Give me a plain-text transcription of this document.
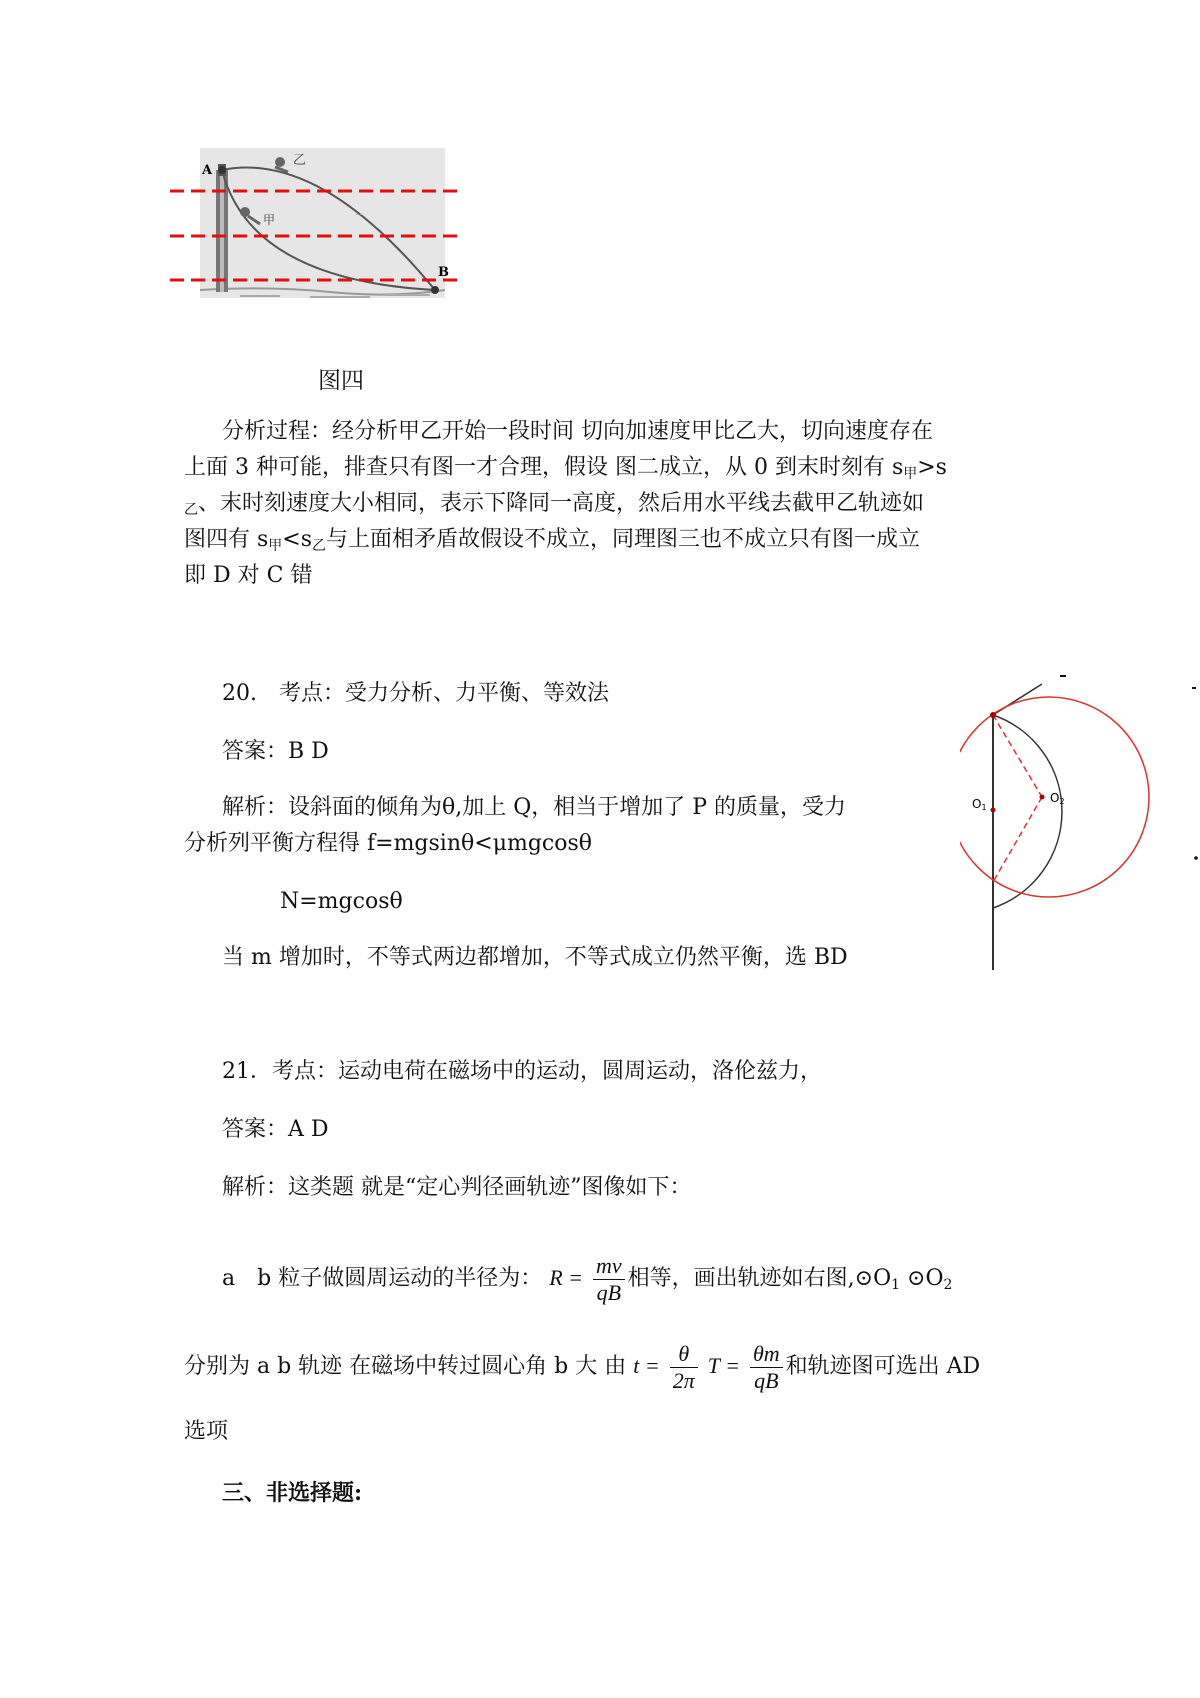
..
A
B
乙
甲
图四
分析过程：经分析甲乙开始一段时间 切向加速度甲比乙大，切向速度存在
上面 3 种可能，排查只有图一才合理，假设 图二成立，从 0 到末时刻有 $s_甲>s$
$_乙$、末时刻速度大小相同，表示下降同一高度，然后用水平线去截甲乙轨迹如
图四有 $s_甲<s_乙$与上面相矛盾故假设不成立，同理图三也不成立只有图一成立
即 D 对 C 错
20.　考点：受力分析、力平衡、等效法
答案：B D
解析：设斜面的倾角为θ,加上 Q，相当于增加了 P 的质量，受力
分析列平衡方程得 f=mgsinθ<μmgcosθ
N=mgcosθ
当 m 增加时，不等式两边都增加，不等式成立仍然平衡，选 BD
O1
O2
21．考点：运动电荷在磁场中的运动，圆周运动，洛伦兹力，
答案：A D
解析：这类题 就是“定心判径画轨迹”图像如下：
a　b 粒子做圆周运动的半径为： $R = \frac{mv}{qB}$ 相等，画出轨迹如右图$,⊙O_1$ $⊙O_2$
分别为 a b 轨迹 在磁场中转过圆心角 b 大 由 $t = \frac{\theta}{2\pi}$ $T = \frac{\theta m}{qB}$ 和轨迹图可选出 AD
选项
三、非选择题:
